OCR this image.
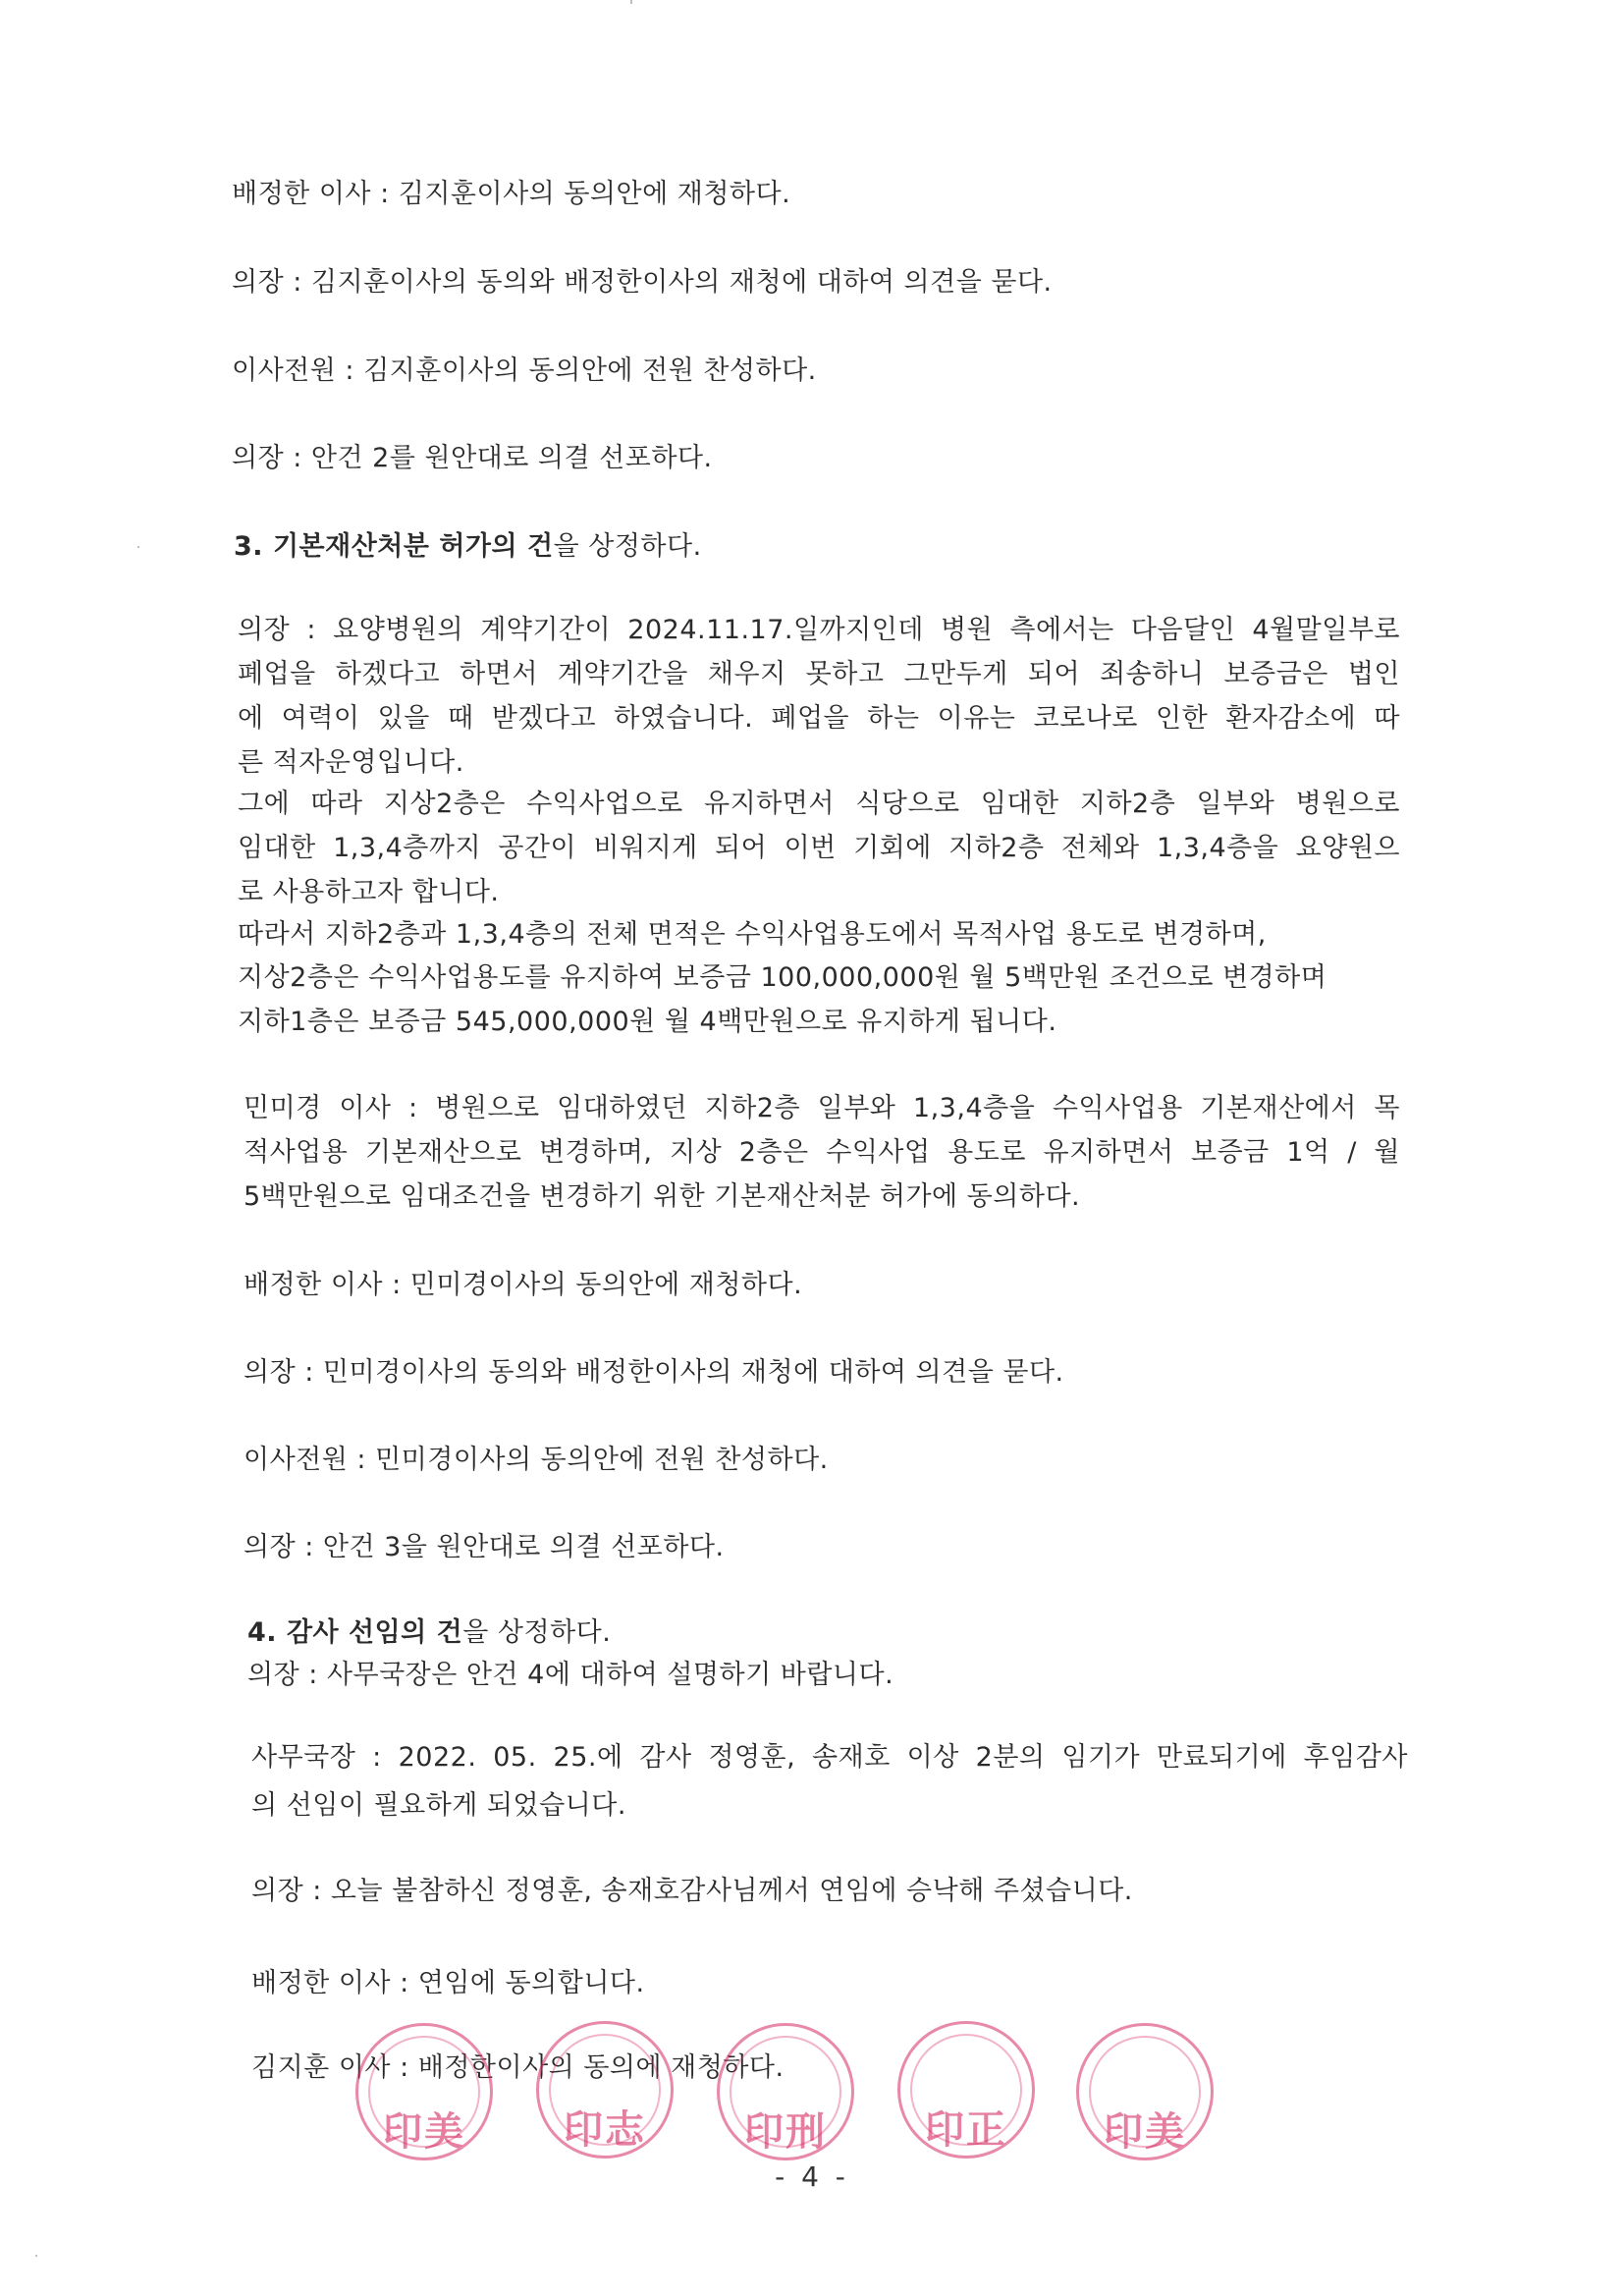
배정한 이사 : 김지훈이사의 동의안에 재청하다.
의장 : 김지훈이사의 동의와 배정한이사의 재청에 대하여 의견을 묻다.
이사전원 : 김지훈이사의 동의안에 전원 찬성하다.
의장 : 안건 2를 원안대로 의결 선포하다.
3. 기본재산처분 허가의 건을 상정하다.
의장 : 요양병원의 계약기간이 2024.11.17.일까지인데 병원 측에서는 다음달인 4월말일부로
폐업을 하겠다고 하면서 계약기간을 채우지 못하고 그만두게 되어 죄송하니 보증금은 법인
에 여력이 있을 때 받겠다고 하였습니다. 폐업을 하는 이유는 코로나로 인한 환자감소에 따
른 적자운영입니다.
그에 따라 지상2층은 수익사업으로 유지하면서 식당으로 임대한 지하2층 일부와 병원으로
임대한 1,3,4층까지 공간이 비워지게 되어 이번 기회에 지하2층 전체와 1,3,4층을 요양원으
로 사용하고자 합니다.
따라서 지하2층과 1,3,4층의 전체 면적은 수익사업용도에서 목적사업 용도로 변경하며,
지상2층은 수익사업용도를 유지하여 보증금 100,000,000원 월 5백만원 조건으로 변경하며
지하1층은 보증금 545,000,000원 월 4백만원으로 유지하게 됩니다.
민미경 이사 : 병원으로 임대하였던 지하2층 일부와 1,3,4층을 수익사업용 기본재산에서 목
적사업용 기본재산으로 변경하며, 지상 2층은 수익사업 용도로 유지하면서 보증금 1억 / 월
5백만원으로 임대조건을 변경하기 위한 기본재산처분 허가에 동의하다.
배정한 이사 : 민미경이사의 동의안에 재청하다.
의장 : 민미경이사의 동의와 배정한이사의 재청에 대하여 의견을 묻다.
이사전원 : 민미경이사의 동의안에 전원 찬성하다.
의장 : 안건 3을 원안대로 의결 선포하다.
4. 감사 선임의 건을 상정하다.
의장 : 사무국장은 안건 4에 대하여 설명하기 바랍니다.
사무국장 : 2022. 05. 25.에 감사 정영훈, 송재호 이상 2분의 임기가 만료되기에 후임감사
의 선임이 필요하게 되었습니다.
의장 : 오늘 불참하신 정영훈, 송재호감사님께서 연임에 승낙해 주셨습니다.
배정한 이사 : 연임에 동의합니다.
김지훈 이사 : 배정한이사의 동의에 재청하다.
印美	印志	印刑	印正	印美
- 4 -
